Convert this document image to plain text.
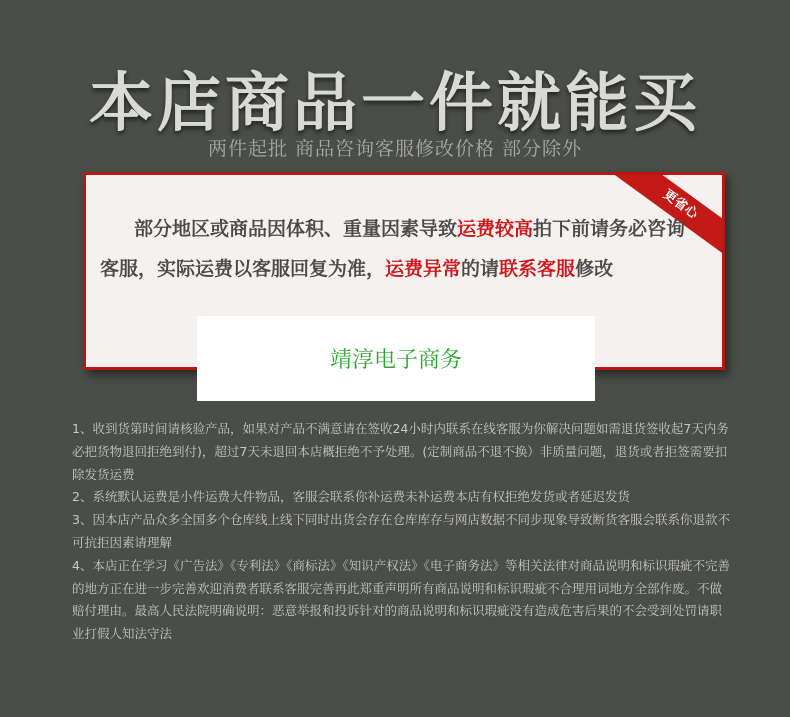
本店商品一件就能买
两件起批 商品咨询客服修改价格 部分除外
更省心
部分地区或商品因体积、重量因素导致运费较高拍下前请务必咨询客服，实际运费以客服回复为准，运费异常的请联系客服修改
靖淳电子商务

1、收到货第时间请核验产品，如果对产品不满意请在签收24小时内联系在线客服为你解决问题如需退货签收起7天内务必把货物退回拒绝到付)，超过7天未退回本店概拒绝不予处理。(定制商品不退不换）非质量问题，退货或者拒签需要扣除发货运费

2、系统默认运费是小件运费大件物品，客服会联系你补运费未补运费本店有权拒绝发货或者延迟发货

3、因本店产品众多全国多个仓库线上线下同时出货会存在仓库库存与网店数据不同步现象导致断货客服会联系你退款不可抗拒因素请理解

4、本店正在学习《广告法》《专利法》《商标法》《知识产权法》《电子商务法》等相关法律对商品说明和标识瑕疵不完善的地方正在进一步完善欢迎消费者联系客服完善再此郑重声明所有商品说明和标识瑕疵不合理用词地方全部作废。不做赔付理由。最高人民法院明确说明：恶意举报和投诉针对的商品说明和标识瑕疵没有造成危害后果的不会受到处罚请职业打假人知法守法
